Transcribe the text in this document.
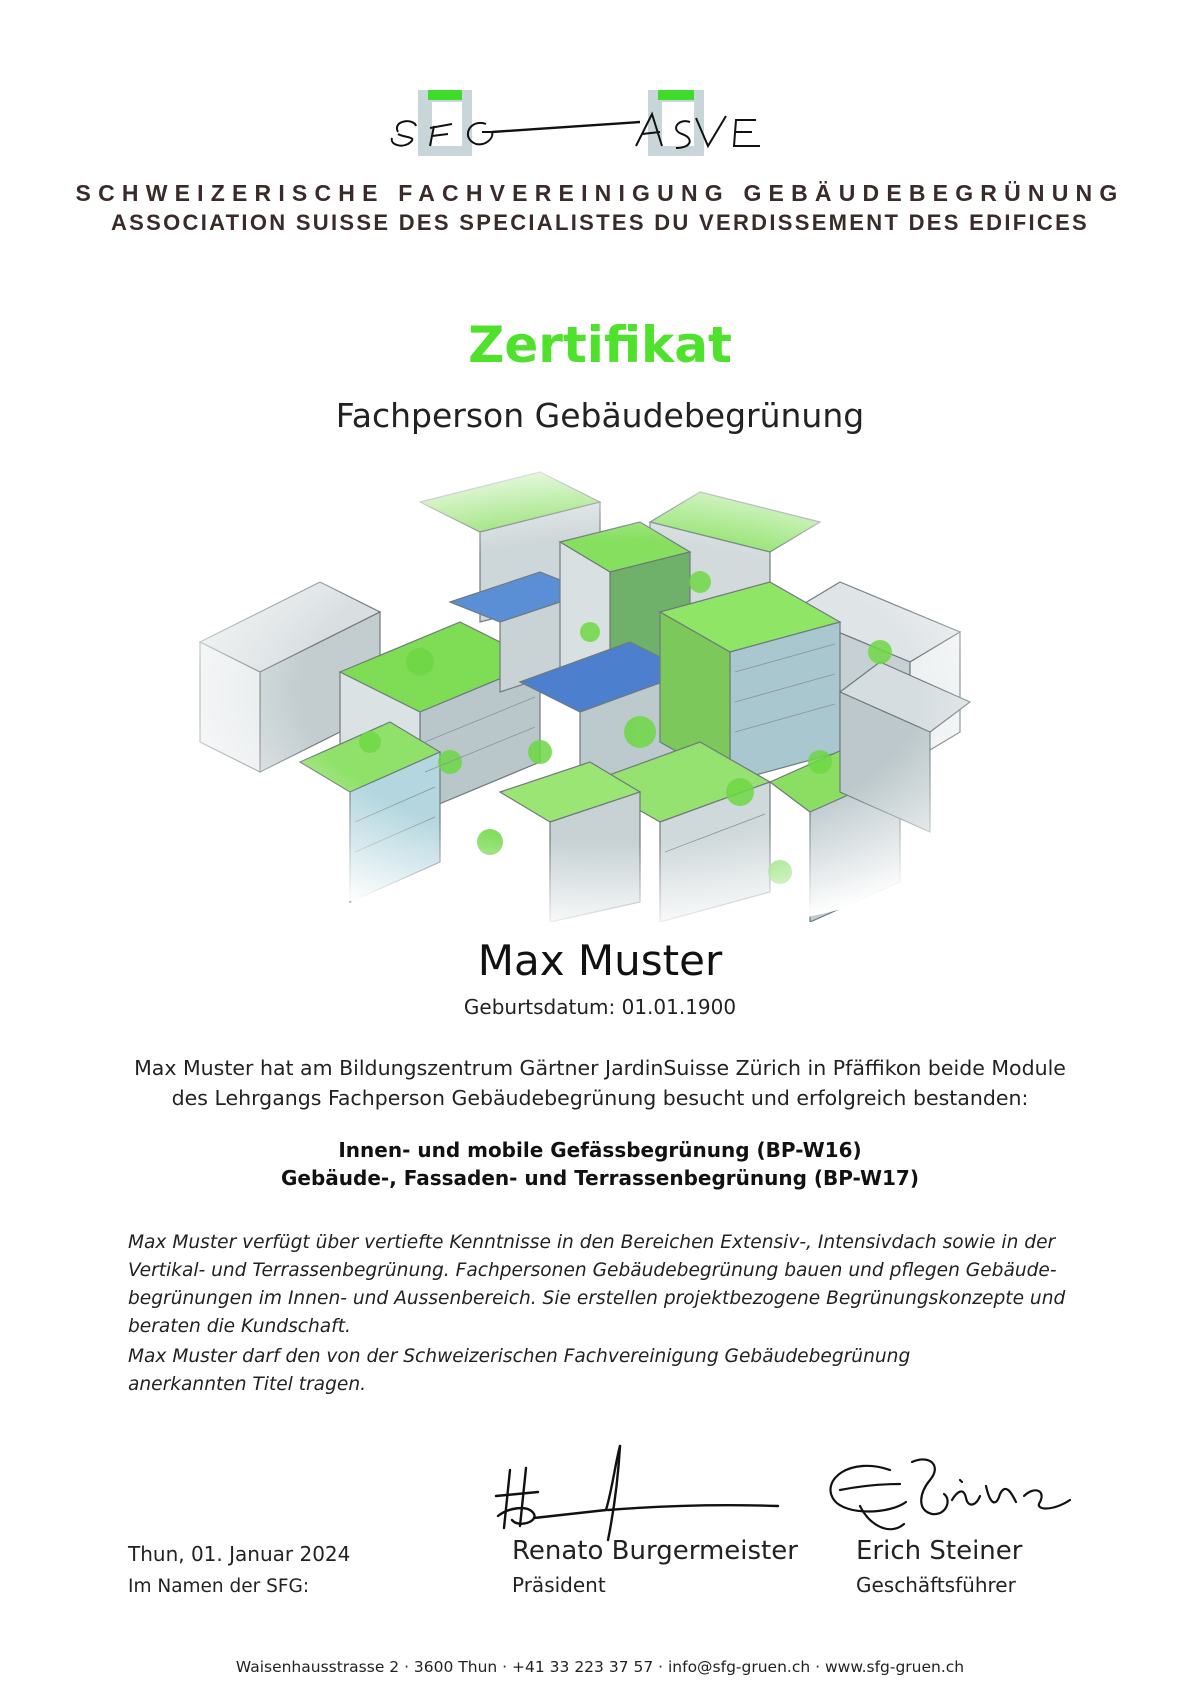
SCHWEIZERISCHE FACHVEREINIGUNG GEBÄUDEBEGRÜNUNG
ASSOCIATION SUISSE DES SPECIALISTES DU VERDISSEMENT DES EDIFICES
Zertifikat
Fachperson Gebäudebegrünung
Max Muster
Geburtsdatum: 01.01.1900
Max Muster hat am Bildungszentrum Gärtner JardinSuisse Zürich in Pfäffikon beide Module
des Lehrgangs Fachperson Gebäudebegrünung besucht und erfolgreich bestanden:
Innen- und mobile Gefässbegrünung (BP-W16)
Gebäude-, Fassaden- und Terrassenbegrünung (BP-W17)
Max Muster verfügt über vertiefte Kenntnisse in den Bereichen Extensiv-, Intensivdach sowie in der
Vertikal- und Terrassenbegrünung. Fachpersonen Gebäudebegrünung bauen und pflegen Gebäude-
begrünungen im Innen- und Aussenbereich. Sie erstellen projektbezogene Begrünungskonzepte und
beraten die Kundschaft.
Max Muster darf den von der Schweizerischen Fachvereinigung Gebäudebegrünung
anerkannten Titel tragen.
Thun, 01. Januar 2024
Im Namen der SFG:
Renato Burgermeister
Präsident
Erich Steiner
Geschäftsführer
Waisenhausstrasse 2 · 3600 Thun · +41 33 223 37 57 · info@sfg-gruen.ch · www.sfg-gruen.ch
